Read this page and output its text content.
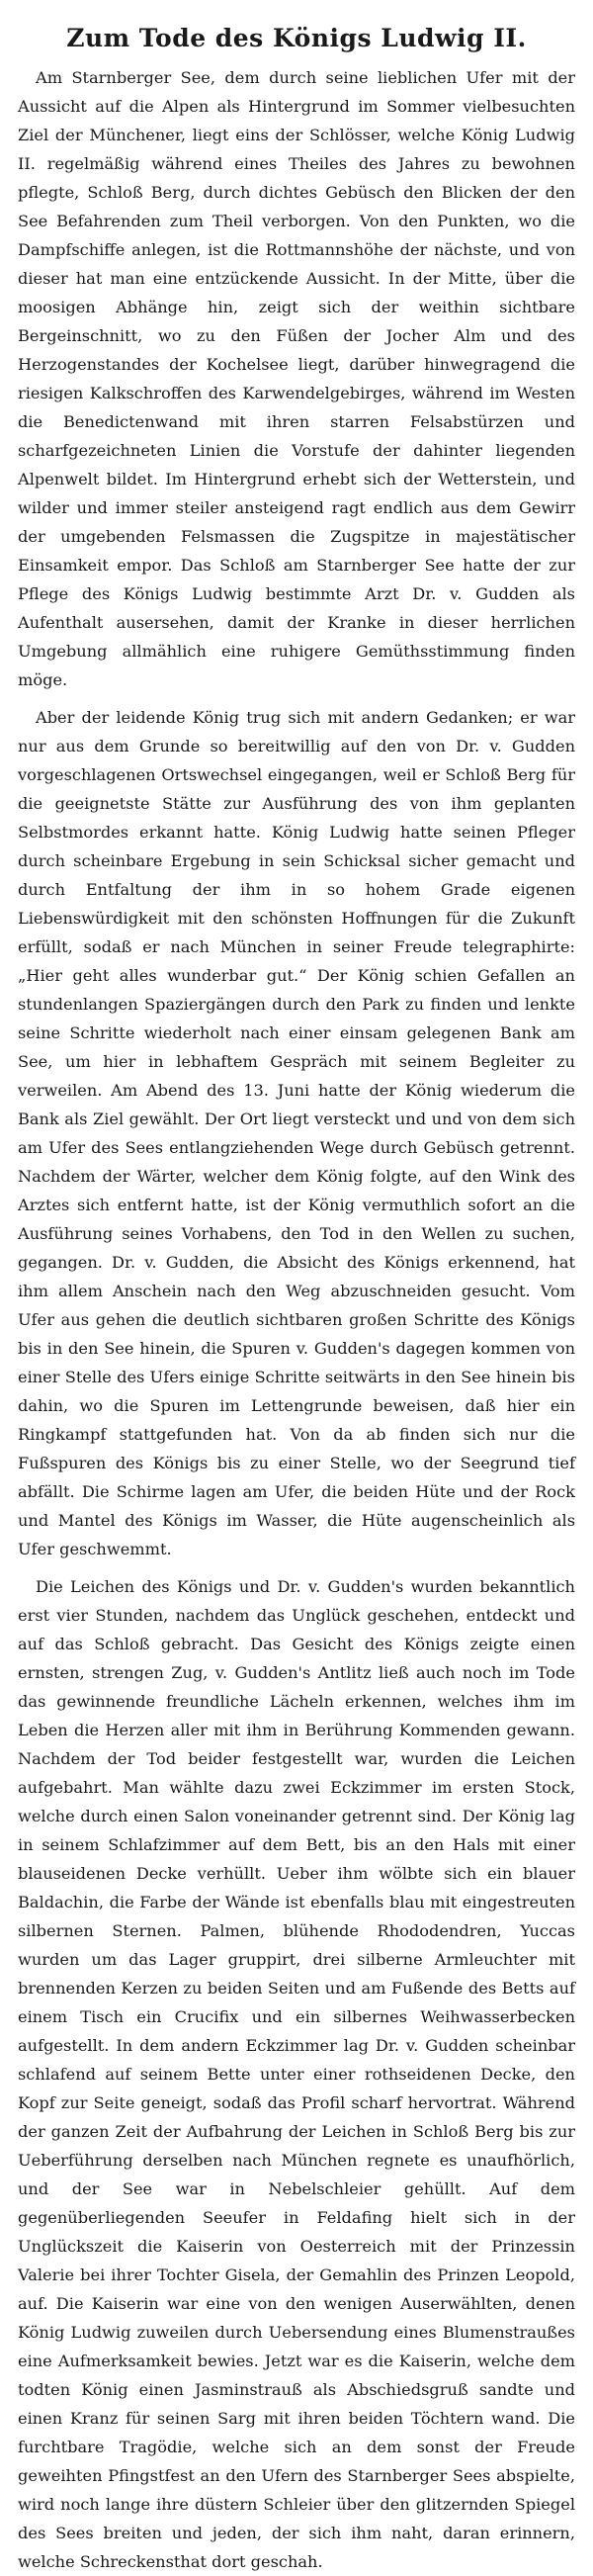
Zum Tode des Königs Ludwig II.

Am Starnberger See, dem durch seine lieblichen Ufer mit der Aussicht auf die Alpen als Hintergrund im Sommer vielbesuchten Ziel der Münchener, liegt eins der Schlösser, welche König Ludwig II. regelmäßig während eines Theiles des Jahres zu bewohnen pflegte, Schloß Berg, durch dichtes Gebüsch den Blicken der den See Befahrenden zum Theil verborgen. Von den Punkten, wo die Dampfschiffe anlegen, ist die Rottmannshöhe der nächste, und von dieser hat man eine entzückende Aussicht. In der Mitte, über die moosigen Abhänge hin, zeigt sich der weithin sichtbare Bergeinschnitt, wo zu den Füßen der Jocher Alm und des Herzogenstandes der Kochelsee liegt, darüber hinwegragend die riesigen Kalkschroffen des Karwendelgebirges, während im Westen die Benedictenwand mit ihren starren Felsabstürzen und scharfgezeichneten Linien die Vorstufe der dahinter liegenden Alpenwelt bildet. Im Hintergrund erhebt sich der Wetterstein, und wilder und immer steiler ansteigend ragt endlich aus dem Gewirr der umgebenden Felsmassen die Zugspitze in majestätischer Einsamkeit empor. Das Schloß am Starnberger See hatte der zur Pflege des Königs Ludwig bestimmte Arzt Dr. v. Gudden als Aufenthalt ausersehen, damit der Kranke in dieser herrlichen Umgebung allmählich eine ruhigere Gemüthsstimmung finden möge.

Aber der leidende König trug sich mit andern Gedanken; er war nur aus dem Grunde so bereitwillig auf den von Dr. v. Gudden vorgeschlagenen Ortswechsel eingegangen, weil er Schloß Berg für die geeignetste Stätte zur Ausführung des von ihm geplanten Selbstmordes erkannt hatte. König Ludwig hatte seinen Pfleger durch scheinbare Ergebung in sein Schicksal sicher gemacht und durch Entfaltung der ihm in so hohem Grade eigenen Liebenswürdigkeit mit den schönsten Hoffnungen für die Zukunft erfüllt, sodaß er nach München in seiner Freude telegraphirte: „Hier geht alles wunderbar gut.“ Der König schien Gefallen an stundenlangen Spaziergängen durch den Park zu finden und lenkte seine Schritte wiederholt nach einer einsam gelegenen Bank am See, um hier in lebhaftem Gespräch mit seinem Begleiter zu verweilen. Am Abend des 13. Juni hatte der König wiederum die Bank als Ziel gewählt. Der Ort liegt versteckt und und von dem sich am Ufer des Sees entlangziehenden Wege durch Gebüsch getrennt. Nachdem der Wärter, welcher dem König folgte, auf den Wink des Arztes sich entfernt hatte, ist der König vermuthlich sofort an die Ausführung seines Vorhabens, den Tod in den Wellen zu suchen, gegangen. Dr. v. Gudden, die Absicht des Königs erkennend, hat ihm allem Anschein nach den Weg abzuschneiden gesucht. Vom Ufer aus gehen die deutlich sichtbaren großen Schritte des Königs bis in den See hinein, die Spuren v. Gudden's dagegen kommen von einer Stelle des Ufers einige Schritte seitwärts in den See hinein bis dahin, wo die Spuren im Lettengrunde beweisen, daß hier ein Ringkampf stattgefunden hat. Von da ab finden sich nur die Fußspuren des Königs bis zu einer Stelle, wo der Seegrund tief abfällt. Die Schirme lagen am Ufer, die beiden Hüte und der Rock und Mantel des Königs im Wasser, die Hüte augenscheinlich als Ufer geschwemmt.

Die Leichen des Königs und Dr. v. Gudden's wurden bekanntlich erst vier Stunden, nachdem das Unglück geschehen, entdeckt und auf das Schloß gebracht. Das Gesicht des Königs zeigte einen ernsten, strengen Zug, v. Gudden's Antlitz ließ auch noch im Tode das gewinnende freundliche Lächeln erkennen, welches ihm im Leben die Herzen aller mit ihm in Berührung Kommenden gewann. Nachdem der Tod beider festgestellt war, wurden die Leichen aufgebahrt. Man wählte dazu zwei Eckzimmer im ersten Stock, welche durch einen Salon voneinander getrennt sind. Der König lag in seinem Schlafzimmer auf dem Bett, bis an den Hals mit einer blauseidenen Decke verhüllt. Ueber ihm wölbte sich ein blauer Baldachin, die Farbe der Wände ist ebenfalls blau mit eingestreuten silbernen Sternen. Palmen, blühende Rhododendren, Yuccas wurden um das Lager gruppirt, drei silberne Armleuchter mit brennenden Kerzen zu beiden Seiten und am Fußende des Betts auf einem Tisch ein Crucifix und ein silbernes Weihwasserbecken aufgestellt. In dem andern Eckzimmer lag Dr. v. Gudden scheinbar schlafend auf seinem Bette unter einer rothseidenen Decke, den Kopf zur Seite geneigt, sodaß das Profil scharf hervortrat. Während der ganzen Zeit der Aufbahrung der Leichen in Schloß Berg bis zur Ueberführung derselben nach München regnete es unaufhörlich, und der See war in Nebelschleier gehüllt. Auf dem gegenüberliegenden Seeufer in Feldafing hielt sich in der Unglückszeit die Kaiserin von Oesterreich mit der Prinzessin Valerie bei ihrer Tochter Gisela, der Gemahlin des Prinzen Leopold, auf. Die Kaiserin war eine von den wenigen Auserwählten, denen König Ludwig zuweilen durch Uebersendung eines Blumenstraußes eine Aufmerksamkeit bewies. Jetzt war es die Kaiserin, welche dem todten König einen Jasminstrauß als Abschiedsgruß sandte und einen Kranz für seinen Sarg mit ihren beiden Töchtern wand. Die furchtbare Tragödie, welche sich an dem sonst der Freude geweihten Pfingstfest an den Ufern des Starnberger Sees abspielte, wird noch lange ihre düstern Schleier über den glitzernden Spiegel des Sees breiten und jeden, der sich ihm naht, daran erinnern, welche Schreckensthat dort geschah.
